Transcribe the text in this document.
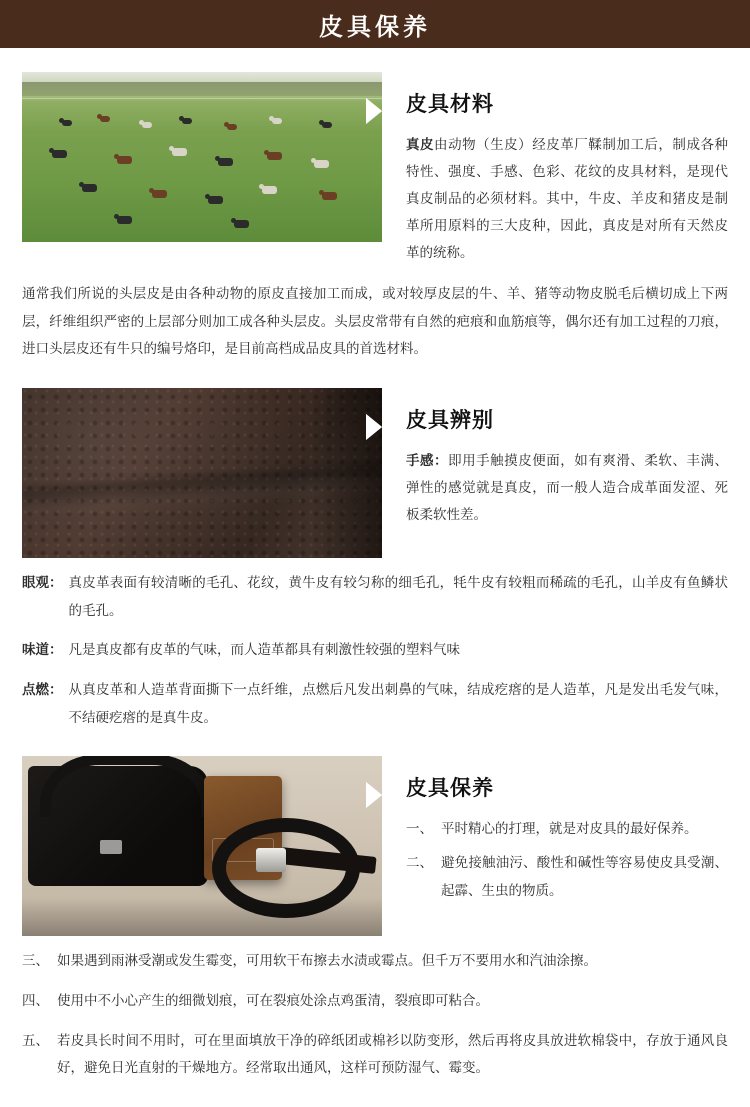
皮具保养
皮具材料
真皮由动物（生皮）经皮革厂鞣制加工后，制成各种特性、强度、手感、色彩、花纹的皮具材料，是现代真皮制品的必须材料。其中，牛皮、羊皮和猪皮是制革所用原料的三大皮种，因此，真皮是对所有天然皮革的统称。

通常我们所说的头层皮是由各种动物的原皮直接加工而成，或对较厚皮层的牛、羊、猪等动物皮脱毛后横切成上下两层，纤维组织严密的上层部分则加工成各种头层皮。头层皮常带有自然的疤痕和血筋痕等，偶尔还有加工过程的刀痕，进口头层皮还有牛只的编号烙印，是目前高档成品皮具的首选材料。

皮具辨别
手感：即用手触摸皮便面，如有爽滑、柔软、丰满、弹性的感觉就是真皮，而一般人造合成革面发涩、死板柔软性差。
眼观： 真皮革表面有较清晰的毛孔、花纹，黄牛皮有较匀称的细毛孔，牦牛皮有较粗而稀疏的毛孔，山羊皮有鱼鳞状的毛孔。
味道： 凡是真皮都有皮革的气味，而人造革都具有刺激性较强的塑料气味
点燃： 从真皮革和人造革背面撕下一点纤维，点燃后凡发出刺鼻的气味，结成疙瘩的是人造革，凡是发出毛发气味，不结硬疙瘩的是真牛皮。
皮具保养
一、 平时精心的打理，就是对皮具的最好保养。
二、 避免接触油污、酸性和碱性等容易使皮具受潮、起霹、生虫的物质。
三、 如果遇到雨淋受潮或发生霉变，可用软干布擦去水渍或霉点。但千万不要用水和汽油涂擦。
四、 使用中不小心产生的细微划痕，可在裂痕处涂点鸡蛋清，裂痕即可粘合。
五、 若皮具长时间不用时，可在里面填放干净的碎纸团或棉衫以防变形，然后再将皮具放进软棉袋中，存放于通风良好，避免日光直射的干燥地方。经常取出通风，这样可预防湿气、霉变。
